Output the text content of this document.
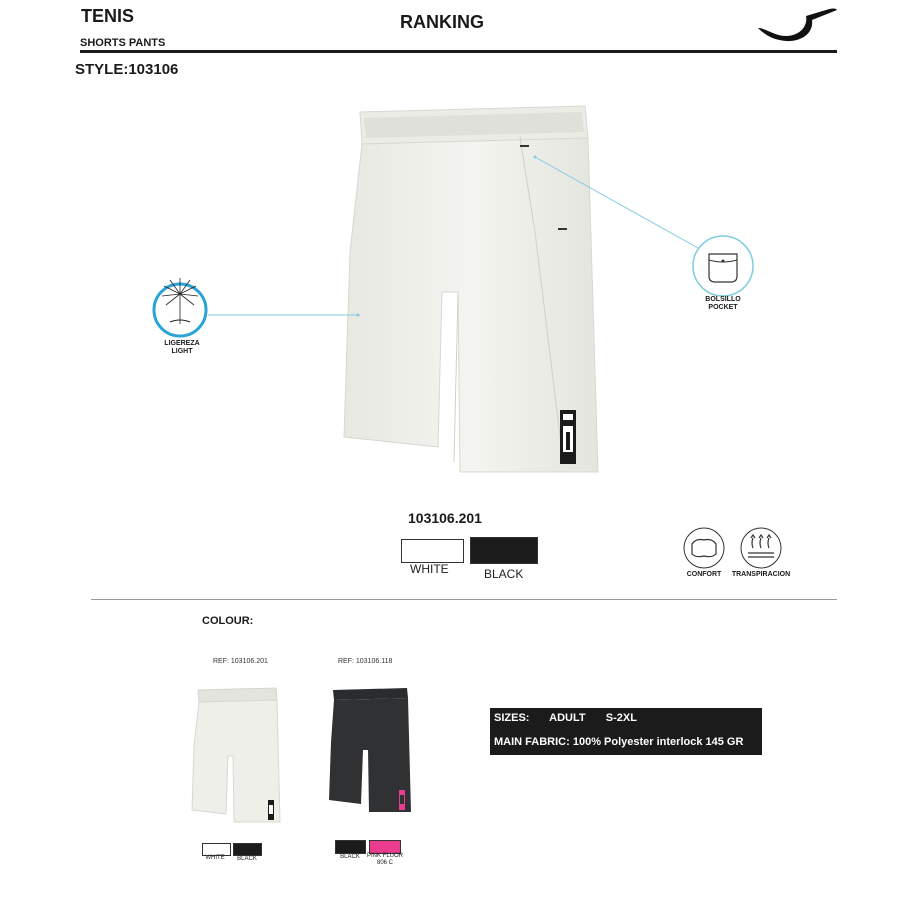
TENIS
SHORTS PANTS
RANKING
STYLE:103106
LIGEREZA
LIGHT
BOLSILLO
POCKET
103106.201
WHITE	BLACK	CONFORT	TRANSPIRACION
COLOUR:
REF: 103106.201	REF: 103106.118
WHITE	BLACK	BLACK	PINK FLUOR
806 C
SIZES: ADULT S-2XL
MAIN FABRIC: 100% Polyester interlock 145 GR
